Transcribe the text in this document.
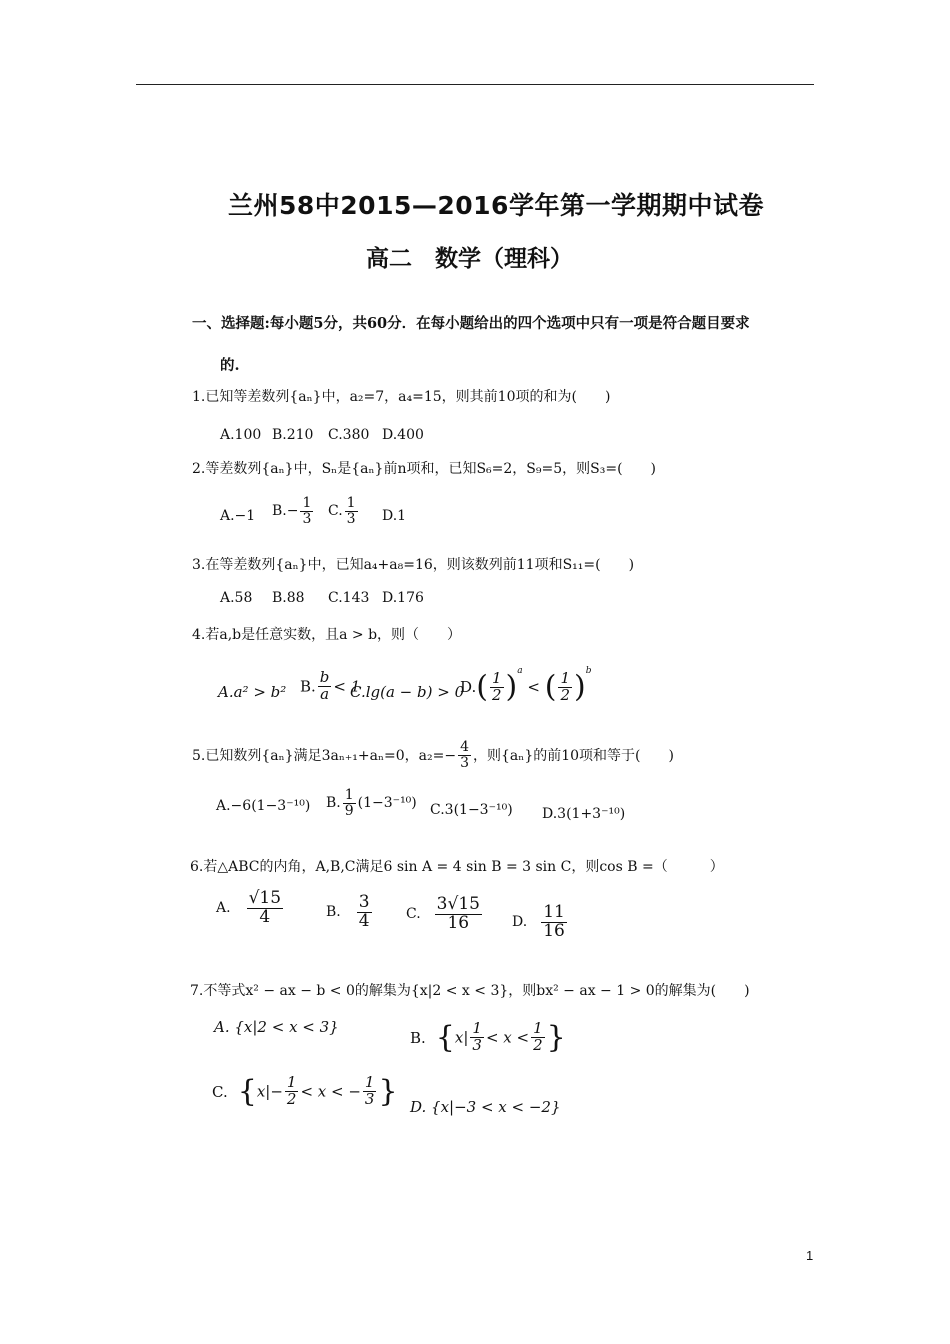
兰州58中2015—2016学年第一学期期中试卷
高二　数学（理科）
一、选择题:每小题5分，共60分．在每小题给出的四个选项中只有一项是符合题目要求
的.
1.已知等差数列{aₙ}中，a₂=7，a₄=15，则其前10项的和为(　　)
A.100 B.210 C.380 D.400
2.等差数列{aₙ}中，Sₙ是{aₙ}前n项和，已知S₆=2，S₉=5，则S₃=(　　)
A.−1 $B.- \frac{1}{3} C$. $\frac{1}{3} D.1$
3.在等差数列{aₙ}中，已知a₄+a₈=16，则该数列前11项和S₁₁=(　　)
A.58 B.88 C.143 D.176
4.若a,b是任意实数，且a > b，则（　　）
A.a² > b² B. $\frac{b}{a} < 1$
C.lg(a − b) > 0
$D.( \frac{1}{2} )^a$ < ( $\frac{1}{2} )^b$
5.已知数列{aₙ}满足3aₙ₊₁+aₙ=0，$a_2=- \frac{4}{3}$ ，则{aₙ}的前10项和等于(　　)
A.−6(1−3⁻¹⁰) B. $\frac{1}{9} (1-3^{-10})$ C.3(1−3⁻¹⁰) D.3(1+3⁻¹⁰)
6.若△ABC的内角，A,B,C满足6 sin A = 4 sin B = 3 sin C，则cos B =（　　　）
A. $\frac{√15}{4}$	B. $\frac{3}{4} C$. $\frac{3√15}{16} D$. $\frac{11}{16}$
7.不等式x² − ax − b < 0的解集为{x|2 < x < 3}，则bx² − ax − 1 > 0的解集为(　　)
A. {x|2 < x < 3}
B. {$x| \frac{1}{3} < x < \frac{1}{2}$ }
C. {$x|- \frac{1}{2} < x$ < − $\frac{1}{3}$ } D. {x|−3 < x < −2}
1
